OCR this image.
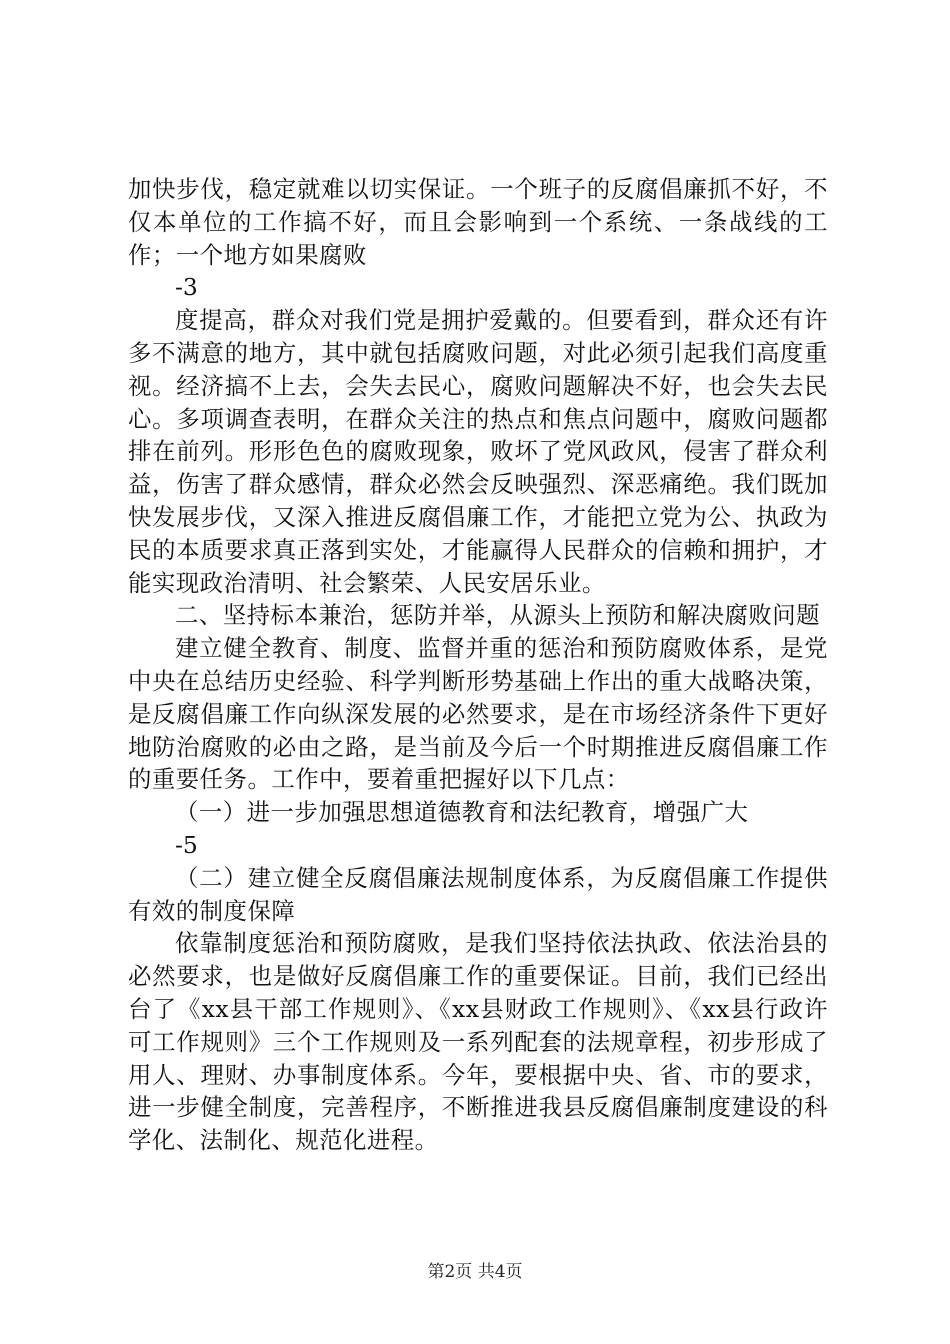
加快步伐，稳定就难以切实保证。一个班子的反腐倡廉抓不好，不仅本单位的工作搞不好，而且会影响到一个系统、一条战线的工作；一个地方如果腐败

-3

度提高，群众对我们党是拥护爱戴的。但要看到，群众还有许多不满意的地方，其中就包括腐败问题，对此必须引起我们高度重视。经济搞不上去，会失去民心，腐败问题解决不好，也会失去民心。多项调查表明，在群众关注的热点和焦点问题中，腐败问题都排在前列。形形色色的腐败现象，败坏了党风政风，侵害了群众利益，伤害了群众感情，群众必然会反映强烈、深恶痛绝。我们既加快发展步伐，又深入推进反腐倡廉工作，才能把立党为公、执政为民的本质要求真正落到实处，才能赢得人民群众的信赖和拥护，才能实现政治清明、社会繁荣、人民安居乐业。

二、坚持标本兼治，惩防并举，从源头上预防和解决腐败问题

建立健全教育、制度、监督并重的惩治和预防腐败体系，是党中央在总结历史经验、科学判断形势基础上作出的重大战略决策，是反腐倡廉工作向纵深发展的必然要求，是在市场经济条件下更好地防治腐败的必由之路，是当前及今后一个时期推进反腐倡廉工作的重要任务。工作中，要着重把握好以下几点：

（一）进一步加强思想道德教育和法纪教育，增强广大

-5

（二）建立健全反腐倡廉法规制度体系，为反腐倡廉工作提供有效的制度保障

依靠制度惩治和预防腐败，是我们坚持依法执政、依法治县的必然要求，也是做好反腐倡廉工作的重要保证。目前，我们已经出台了《xx县干部工作规则》、《xx县财政工作规则》、《xx县行政许可工作规则》三个工作规则及一系列配套的法规章程，初步形成了用人、理财、办事制度体系。今年，要根据中央、省、市的要求，进一步健全制度，完善程序，不断推进我县反腐倡廉制度建设的科学化、法制化、规范化进程。

第2页 共4页
